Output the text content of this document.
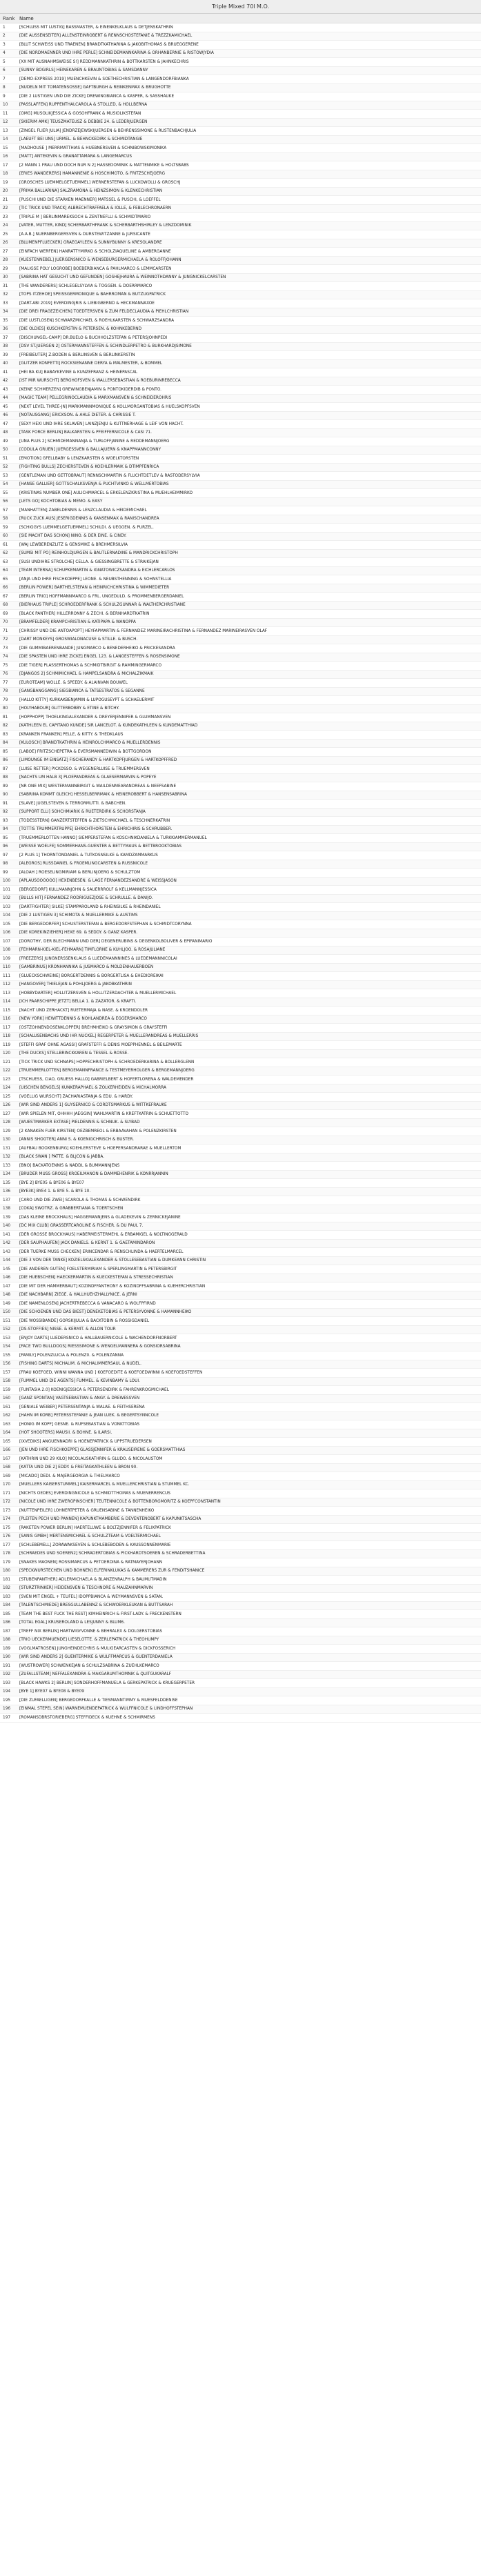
Triple Mixed 70l M.O.
Rank Name
1	[SCHLUSS MIT LUSTIG] BASSMASTER, & EINENKELKLAUS & DETJENSKATHRIN
2	[DIE AUSSENSEITER] ALLENSTEINROBERT & RENNSCHOSTEFANIE & TREZZKAMICHAEL
3	[BLUT SCHWEISS UND TRAENEN] BRANDTKATHARINA & JAKOBITHOMAS & BRUEGGERENE
4	[DIE NORDMAENNER UND IHRE PERLE] SCHNEIDEMANNKARINA & ORHANBERNIE & RISTOWJYDIA
5	[XX MIT AUSNAHMSWEISE S!] REDDMANNKATHRIN & BOTTKARSTEN & JAHNKECHRIS
6	[SUNNY BOGIRLS] HEINEKAREN & BRAUNTOBIAS & SAMSDANNY
7	[DEMO-EXPRESS 2019] MUENCHKEVIN & SOETHECHRISTIAN & LANGENDORFBIANKA
8	[NUDELN MIT TOMATENSOSSE] GAFTBURGH & REINKENMAX & BRUGHOTTE
9	[DIE 2 LUSTIGEN UND DIE ZICKE] DREWINGBIANCA & KASPER, & SASSHAUKE
10	[PASSLAFFEN] RUPPENTHALCAROLA & STOLLED, & HOLLBERNA
11	[OMG] MUSOLIKJESSICA & GOSOHFRANK & MUSIOLIKSTEFAN
12	[SKIERIM AMK] TEUSZMATEUSZ & DEBBIE 24. & LEDERJUERGEN
13	[ZINGEL FLIER JULIA] JENDRZEJEWSKIJUERGEN & BEHRENSSIMONE & RUSTENBACHJULIA
14	[LAEUFT BEI UNS] URMEL. & BEHNCKEDIRK & SCHMIDTANGIE
15	[MADHOUSE ] MERRMATTHIAS & HUEBNERSVEN & SCHNIBOWSKIMONIKA
16	[MATT] ANTEKEVIN & GRANATTAMARA & LANGEMARCUS
17	[2 MANN 1 FRAU UND DOCH NUR N 2] HASSEDOMINIK & MATTENMIKE & HOLTSBABS
18	[ERIES WANDERERS] HAMANNENIE & HOSCHIMOTO, & FRITZSCHEJOERG
19	[GROSCHES LUEMMELGETUEMMEL] WERNERSTEFAN & LUCKOWOLLI & GROSCHJ
20	[PRIMA BALLARINA] SALZRAMONA & HEINZSIMON & KLENKECHRISTIAN
21	[PUSCHI UND DIE STARKEN MAENNER] MATSSEL & PUSCHI, & LOEFFEL
22	[TIC TRICK UND TRACK] ALBRECHTRAFFAELA & IOLLE, & FEBLECHRONAERN
23	[TRIPLE M ] BERLINMAREKSOCH & ZENTNEFLLI & SCHMIDTMARIO
24	[VATER, MUTTER, KIND] SCHERBARTHFRANK & SCHERBARTHSHIRLEY & LENZDOMINIK
25	[A.A.B.] NUERNBERGERSVEN & DURSTEWITZANNE & JURSICANTE
26	[BLUMENPFLUECKER] GRAEGAYLEEN & SUNNYBUNNY & KRESOLANDRE
27	[EINFACH WERFEN] HANRATTYMIRKO & SCHOLZIAQUELINE & AMBERGANNE
28	[KUESTENNEBEL] JUERGENSNICO & WENSEBURGERMICHAELA & ROLOFFJOHANN
29	[MALIGSE POLY LOGROBE] BOEBERBIANCA & PAHLMARCO & LEMMCARSTEN
30	[SABRINA HAT GESUCHT UND GEFUNDEN] GOSHEJHAURA & WEINNOTHDANNY & JUNGNICKELCARSTEN
31	[THE WANDERERS] SCHLEGELSYLVIA & TOGGEN. & DOERRMARCO
32	[TOPS ITZEHOE] SPEISSGERMONIQUE & BAHRROMAN & BUTZUGPATRICK
33	[DART-ABI 2019] EVERDINGJRIS & LIEBIGBERND & HECKMANNAXOE
34	[DIE DREI FRAGEZEICHEN] TOEDTERSVEN & ZUM FELDECLAUDIA & PIEHLCHRISTIAN
35	[DIE LUSTLOSEN] SCHWARZMICHAEL & ROEHLKARSTEN & SCHWARZSANDRA
36	[DIE OLDIES] KUSCHKERSTIN & PETERSEN. & KOHNKEBERND
37	[DISCHUNGEL-CAMP] DR.BUELO & BUCHHOLZSTEFAN & PETERSJOHNPEDI
38	[DSV ST.JUERGEN 2] OSTERMANNSTEFFEN & SCHINDLERPETRO & BURKHARDJSIMONE
39	[FREIBEUTER] Z.BODEN & BERLINSVEN & BERLINKERSTIN
40	[GLITZER KONFETTI] ROCKSIENANNE DERYA & MALMESTER, & BOMMEL
41	[HEI BA KU] BABAYKEVINE & KUNZEFRANZ & HEINEPASCAL
42	[IST MIR WURSCHT] BERGHOFSVEN & WALLERSEBASTIAN & ROEBURINREBECCA
43	[KEINE SCHMERZEN] GREWINGBENJAMIN & PONTOKIDERDIB & PONTO.
44	[MAGIC TEAM] PELLEGRINOCLAUDIA & MARXMANSVEN & SCHNEIDEROHRIS
45	[NEXT LEVEL THREE-JN] MARKMANNMONIQUE & KOLLMORGANTOBIAS & HUELSKOPFSVEN
46	[NOTAUSGANG] ERICKSON. & AHLE DIETER. & CHRISSIE T.
47	[SEXY HEXI UND IHRE SKLAVEN] LAINZJENJU & KUTTNERHAGE & LEIF VON HACHT.
48	[TASK FORCE BERLIN] BALKARSTEN & PFEIFFERNICOLE & CASI 71.
49	[UNA PLUS 2] SCHMIDEMANNANJA & TURLOFFJANINE & REDDEMANNJOERG
50	[CODULA GRUEN] JUERGESSVEN & BALLAJUERN & KNAPPMANNCONNY
51	[EMOTION] GFELLBABY & LENZKARSTEN & WOELKTORSTEN
52	[FIGHTING BULLS] ZECHERSTEVEN & KOEHLERMAIK & DTIMPFENRICA
53	[GENTLEMAN UND GETTOBRAUT] RENNSCHMARTIN & FLUCHTDETLEV & RASTODERSYLVIA
54	[HANSE GALLIER] GOTTSCHALKSVENJA & PUCHTVINKO & WELLMERTOBIAS
55	[KRISTINAS NUMBER ONE] AULICHMARCEL & ERKELENZKRISTINA & MUEHLHEIMMIRKO
56	[LETS GO] KOCHTOBIAS & MEMO. & EASY
57	[MANHATTEN] ZABELDENNIS & LENZCLAUDIA & HEIDEMICHAEL
58	[RUCK ZUCK AUS] JESERIGDENNIS & KANSENMAX & RANISCHANDREA
59	[SCHIGGYS LUEMMELGETUEMMEL] SCHILDI. & UEGGEN. & PURZEL.
60	[SIE MACHT DAS SCHON] NINO. & DER EINE. & CINDY.
61	[WAJ LEWBERENZLITZ & GENSMIKE & BREHMERSILVIA
62	[SUMSI MIT PO] REINHOLDJURGEN & BAUTLERNADINE & MANDRICKCHRISTOPH
63	[SUSI UNDIHRE STROLCHE] CELLA. & GIESSINGBRETTE & STRAIKEJAN
64	[TEAM INTERNA] SCHUPKEMARTIN & IGNATOWICZSANDRA & EICHLERCARLOS
65	[ANJA UND IHRE FISCHKOEPPE] LEONE. & NEUBSTHENNING & SOHNSTELLIA
66	[BERLIN POWER] BARTHELSTEFAN & HEINRICHCHRISTINA & WIMMEDIETER
67	[BERLIN TRIO] HOFFMANNMARCO & FRL. UNGEDULD. & PROMMENBERGERDANIEL
68	[BIERHAUS TRIPLE] SCHROEDERFRANK & SCHULZGUNNAR & WALTHERCHRISTIANE
69	[BLACK PANTHER] HILLERRONNY & ZECHI. & BERNHARDTKATRIN
70	[BRAMFELDER] KRAMPCHRISTIAN & KATIPAPA & WANOPPA
71	[CHRISSY UND DIE ANTOAPOPT] HEYFAPMARTIN & FERNANDEZ MARINEIRACHRISTINA & FERNANDEZ MARINEIRASVEN OLAF
72	[DART MONKEYS] GROSWIALONACUSE & STILLE. & BUSCH.
73	[DIE GUMMIBAERENBANDE] JUNGMARCO & BENEDERHEIKO & PRICKESANDRA
74	[DIE SPASTEN UND IHRE ZICKE] ENGEL 123. & LANGESTEFFEN & ROSENSIMONE
75	[DIE TIGER] PLASSERTHOMAS & SCHMIDTBIRGIT & RAMMINGERMARCO
76	[DJANGOS 2] SCHMIMICHAEL & HAMPELSANDRA & MICHALZIKMAIK
77	[EUROTEAM] WOLLE. & SPEEDY. & ALAINVAN BOUWEL
78	[GANGBANGGANG] SIEGBIANCA & TATSESTRATOS & SEGANNE
79	[HALLO KITTY] KURKAKBENJAMIN & LUPOGUSEYPT & SCHAEUERMIT
80	[HOLYHABOUR] GLITTERBOBBY & ETINE & BITCHY.
81	[HOPPHOPP] THOELKINGALEXANDER & DREYERJENNIFER & GLUMMANSVEN
82	[KATHLEEN EL CAPITANO KUNDE] SIR LANCELOT. & KUNDEKATHLEEN & KUNDEMATTHIAD
83	[KRANKEN FRANKEN] PELLE, & KITTY. & THEDKLAUS
84	[KULOSCH] BRANDTKATHRIN & HEINROLCHMARCO & MUELLERDENNIS
85	[LABOE] FRITZSCHEPETRA & EVERSMANNEDWIN & BOTTGORDON
86	[LIMOUNGE IM EINSATZ] FISCHERANDY & HARTKOPFJURGEN & HARTKOPFFRED
87	[LUISE RETTER] PICKOSSO. & WEGENERLUISE & TRUEMMERSVEN
88	[NACHTS UM HALB 3] PLOEPANDREAS & GLAESERMARVIN & POPEYE
89	[NR ONE MIX] WESTERMANNBIRGIT & WAILDENMEARANDREAS & NEEFSABINE
90	[SABRINA KOMMT GLEICH] HESSELBERRMAIK & HEINEROBBERT & HANSENSABRINA
91	[SLAVE] JUGELSTEVEN & TERRORMUTTI. & BABCHEN.
92	[SUPPORT ELLI] SOHCHMIARIK & RUETERDIRK & SCHORSTANJA
93	[TODESSTERN] GANZERTSTEFFEN & ZIETSCHMICHAEL & TESCHNERKATRIN
94	[TOTTIS TRUMMERTRUPPE] EHRICHTHORSTEN & EHRICHIRIS & SCHRUBBER.
95	[TRUEMMERLOTTEN HANNO] SIEMPERSTEFAN & KOSCHNIKDANIELA & TURKKIAMMERMANUEL
96	[WEISSE WOELFE] SOMMERHANS-GUENTER & BETTYMAUS & BETTBROOKTOBIAS
97	[2 PLUS 1] THORNTONDANIEL & TUTKOSNSILKE & KAMDZAMMARKUS
98	[ALEGROS] RUSSDANIEL & FROEMLINGCARSTEN & RUSSNICOLE
99	[ALOAH ] ROESELINGMIRIAM & BERLINJOERG & SCHULZTOM
100	[APLAUSOOOOOO] HEXENBESEN. & LAGE FERNANDEZSANDRE & WEISSJASON
101	[BERGEDORF] KULLMANNJOHN & SAUERRROLF & KELLMANNJESSICA
102	[BULLS HIT] FERNANDEZ RODRIGUEZJOSE & SCHRULLE. & DANIJO.
103	[DARTFIGHTER] SILKE] STAMPAROLAND & RHEINSILKE & RHEINDANIEL
104	[DIE 2 LUSTIGEN 3] SCHIMOTA & MUELLERMIKE & AUSTIMS
105	[DIE BERGEDORFER] SCHUSTERSTEFAN & BERGEDORFSTEPHAN & SCHMIDTCORYNNA
106	[DIE KOREKINZIEHER] HEXE 69. & SEDDY. & GANZ KASPER.
107	[DOROTHY, DER BLECHMANN UND DER] DEGENERUBINS & DEGENKOLBOLIVER & EPIFANIMARIO
108	[FEHMARN-KIEL-KIEL-FEHMARN] TIMFLORNE & KUHLJOO. & ROSAJULIANE
109	[FREEZERS] JUNGNERSSENKLAUS & LUEDEMANNNINES & LUEDEMANNNICOLAI
110	[GAMBRINUS] KRONHANNIKA & JUSMARCO & MOLDENHAUERBOEN
111	[GLUECKSCHWEINE] BORGERTDENNIS & BORGERTLISA & EHEDIOREIKAI
112	[HANGOVER] THIELEJAN & POHLJOERG & JAKOBKATHRIN
113	[HOBBYDARTER] HOLLITZERSVEN & HOLLITZERDACHTER & MUELLERMICHAEL
114	[ICH PAARSCHIPPE JETZT] BELLA 1. & ZAZATOR. & KRAFTI.
115	[NACHT UND ZERHACKT] RUETERMAJA & NASE. & KROENDOLER
116	[NEW YORK] HEWITTDENNIS & NOHLANDREA & EGGERSMARCO
117	[OSTZOHNENDOSENKLOPPER] BREHMHEIKO & GRAYSIMON & GRAYSTEFFI
118	[SCHALUSENBACHS UND IHR NUCKEL] REGERPETER & MUELLERANDREAS & MUELLERRIS
119	[STEFFI GRAF OHNE AGASSI] GRAFSTEFFI & DENIS MOEPPHENNEL & BEILEMARTE
120	[THE DUCKS] STELLBRINCKKAREN & TESSEL & ROSSE.
121	[TICK TRICK UND SCHNAPS] HOPPECHRISTOPH & SCHROEDERKARINA & BOLLERGLENN
122	[TRUEMMERLOTTEN] BERGEMANNFRANCE & TESTMEYERHOLGER & BERGEMANNJOERG
123	[TSCHUESS, CIAO, GRUESS HALLO] GABRIELBERT & HOFERTLORENA & WALDEMENDER
124	[UISCHEN BENGELS] KUNKERAPHAEL & ZOLKERHEIDEN & MICHALMORRA
125	[VOELLIG WURSCHT] ZACHARIASTANJA & EDU. & HARDY.
126	[WIR SIND ANDERS 1] GUYSERNICO & CORDTSMARKUS & WITTKEFRAUKE
127	[WIR SPIELEN MIT, OHHHH JAEGGIN] WAHLMARTIN & KREFTKATRIN & SCHUETTOTTO
128	[WUESTMARKER EXTASE] PIELDENNIS & SCHNUK. & SLYBAD
129	[2 KANAKEN FUER KIRSTEN] OEZBEMREOL & ERBAAVAHAN & POLENZKIRSTEN
130	[ANNIS SHOOTER] ANNI S. & KOENIGCHRISCH & BUSTER.
131	[AUFBAU BOOXENBURG] KOEHLERSTEVE & HOEPERSANDRARAE & MUELLERTOM
132	[BLACK SWAN ] PATTE. & BLJCON & JABBA.
133	[BNO] BACKATOENNIS & NADDL & BUMMANNJENS
134	[BRUDER MUSS GROSS] KROEILMANON & DAMMEHENRIK & KONRRJANNIN
135	[BYE 2] BYE05 & BYE06 & BYE07
136	[BYE3K] BYE4 1. & BYE 5. & BYE 10.
137	[CARO UND DIE ZWEI] SCAROLA & THOMAS & SCHWENDIRK
138	[COKA] SWOTRZ. & GRABBERTIANA & TOERTSCHEN
139	[DAS KLEINE BROCKHAUS] HAGGEMANNJENS & GLADEKEVIN & ZERNICKEJANINE
140	[DC MIX CLUB] GRASSERTCAROLINE & FISCHER. & DU PAUL 7.
141	[DER GROSSE BROCKHAUS] HABERMEISTERMEHL & ERBAMIGEL & NOLTINGGERALD
142	[DER SAUPHAUFEN] JACK DANIELS. & KERNT 1. & GAETAMINDARON
143	[DER TUERKE MUSS CHECKEN] ERINCENDAR & RENSCHLINDA & HAERTELMARCEL
144	[DIE 3 VON DER TANKE] KOZIELSKIALEXANDER & STOLLESEBASTIAN & DUMKEANN CHRISTIN
145	[DIE ANDEREN GUTEN] FOELSTERMIRIAM & SPERLINGMARTIN & PETERSBIRGIT
146	[DIE HUEBSCHEN] HAECKERMARTIN & KUECKESTEFAN & STRESSECHRISTIAN
147	[DIE MIT DER HAMMERBAUT] KOZINDFFANTHONY & KOZINDFFSABRINA & KUEHERCHRISTIAN
148	[DIE NACHBARN] ZIEGE. & HALLHUEHZHALLYNICE. & JERNI
149	[DIE NAMENLOSEN] JACHERTREBECCA & VANACARO & WOLFPFIRND
150	[DIE SCHOENEN UND DAS BIEST] DENEKETOBIAS & PETERSYVONNE & HAMANNHEIKO
151	[DIE WOSSIBANDE] GORSKIJULIA & BACKTOBIN & ROSSIGDANIEL
152	[DS-STOFFIES] NISSE. & KERMIT. & ALLON TOUR
153	[ENJOY DARTS] LUEDERSNICO & HALLBAUERNICOLE & WACHENDORFNORBERT
154	[FACE TWO BULLDOGS] RIESSSIMONE & WENGELMANNERA & GONSIORSABRINA
155	[FAMILY] POLENZLUCIA & POLENZ0. & POLENZANNA
156	[FISHING DARTS] MICHALIM. & MICHALIMMERSAUL & NUDEL.
157	[FRAU KOEFOED, WINNI WANNA UND ] KOEFOEDITE & KOEFOEDWINNI & KOEFOEDSTEFFEN
158	[FUMMEL UND DIE AGENTS] FUMMEL. & KEVINBAMY & LOUI.
159	[FUNTASIA 2.0] KOENIGJESSICA & PETERSENDIRK & FAHRENKROGMICHAEL
160	[GANZ SPONTAN] VAGTSEBASTIAN & ANGY. & DREWESSVEN
161	[GENIALE WEIBER] PETERSENTANJA & WALAE. & FEITHSERENA
162	[HAHN IM KORB] PETERSSTEFANIE & JEAN LUEK. & BEGERTSYNNCOLE
163	[HONIG IM KOPF] GESNE. & RUFSEBASTIAN & VONKTTOBIAS
164	[HOT SHOOTERS] MAUSII. & BOHNE. & ILARSI.
165	[IXVEDIKS] ANGUENNADRI & HOENEPATRICK & UPPSTRUEDERSEN
166	[JEN UND IHRE FISCHKOEPPE] GLASSJENNIFER & KRAUSEIRENE & GOERSMATTHIAS
167	[KATHRIN UND 29 KILO] NICOLAUSKATHRIN & GLUDO. & NICOLAUSTOM
168	[KATTA UND DIE 2] EDDY. & FREITAGKATHLEEN & BRON 90.
169	[MICADO] DEDI. & MAJERGEORGIA & THIELMARCO
170	[MUELLERS KAISERSTUMMEL] KAISERMARCEL & MUELLERCHRISTIAN & STUMMEL KC.
171	[NICHTS OEDES] EVERDINGNICOLE & SCHMIDTTHOMAS & MUENERRENCUS
172	[NICOLE UND IHRE ZWERGPINSCHER] TEUTENNICOLE & BOTTENBORGMORITZ & KOEPFCONSTANTIN
173	[NUTTENPEILER] LOHNERTPETER & GRUENSABINE & TANNENHEIKO
174	[PLEITEN PECH UND PANNEN] KAPUNKTMAMBERIE & DEVENTENOBERT & KAPUNKTSASCHA
175	[RAKETEN POWER BERLIN] HAERTELUWE & BOLTZJENNIFER & FELIXPATRICK
176	[SANIS GMBH] MERTENSMICHAEL & SCHULZTEAM & VOELTERMICHAEL
177	[SCHLEBEMELL] ZORAWAKSEVEN & SCHLEBEBODEN & KAUSSONNENMARIE
178	[SCHRAEDES UND SOEREN2] SCHRADERTOBIAS & PICKHARDTSOEREN & SCHRADERBETTINA
179	[SNAKES MAONEN] ROSSIMARCUS & PETOERDINA & RATMAYERJOHANN
180	[SPECKWURSTECHEN UND BOHNEN] ELFERINKLUKAS & KAMMERERS ZUR & FENDITSHANICE
181	[STUBENPANTHER] ADLERMICHAELA & BLANZENRALPH & BAUMUTMADIN
182	[STURZTRINKER] HEIDENSVEN & TESCHNORE & MAUZAHNMARVIN
183	[SVEN MIT ENGEL + TEUFEL] IDOPPBIANCA & WEYMANNSVEN & SATAN.
184	[TALENTSCHMIEDE] BRESGULLABENNZ & SCHWOERKLEUKAN & BUTTSARAH
185	[TEAM THE BEST FUCK THE REST] KIMHEINRICH & FIRST-LADY. & FRECKENSTERN
186	[TOTAL EGAL] KRUSEROLAND & LESJUNNY & BLUM6.
187	[TREFF NIX BERLIN] HARTWIGYVONNE & BEHRALEX & DOLGERSTOBIAS
188	[TRIO UECKERMUENDE] LIESELOTTE. & ZERLEPATRICK & THEOHUMPY
189	[VOGLMATROSEN] JUNGHEINDECHRIS & MULIGEARCASTEN & DICKFOSSERICH
190	[WIR SIND ANDERS 2] GUENTERMIKE & WULFFMARCUS & GUENTERDANIELA
191	[WUSTROWER] SCHWENKEJAN & SCHULZSABRINA & ZUEHLKEMARCO
192	[ZUFALLSTEAM] NEFFALEXANDRA & MAKGARUMTHOMNIK & QUITGUKARALF
193	[BLACK HAWKS 2] BERLIN] SONDERHOFFMANUELA & GERKEPATRICK & KRUEGERPETER
194	[BYE 1] BYE07 & BYE08 & BYE09
195	[DIE ZUFAELLIGEN] BERGEDORFKALLE & TIESMANNTIMMY & MUESFELDDENISE
196	[EINMAL STEPEL SEIN] WARNEMUENDEPATRICK & WULFFNICOLE & LINDHOFFSTEPHAN
197	[ROMANSDBRSTORIEBERG] STEFFIDECK & KUEHNE & SCHMIRMENS
